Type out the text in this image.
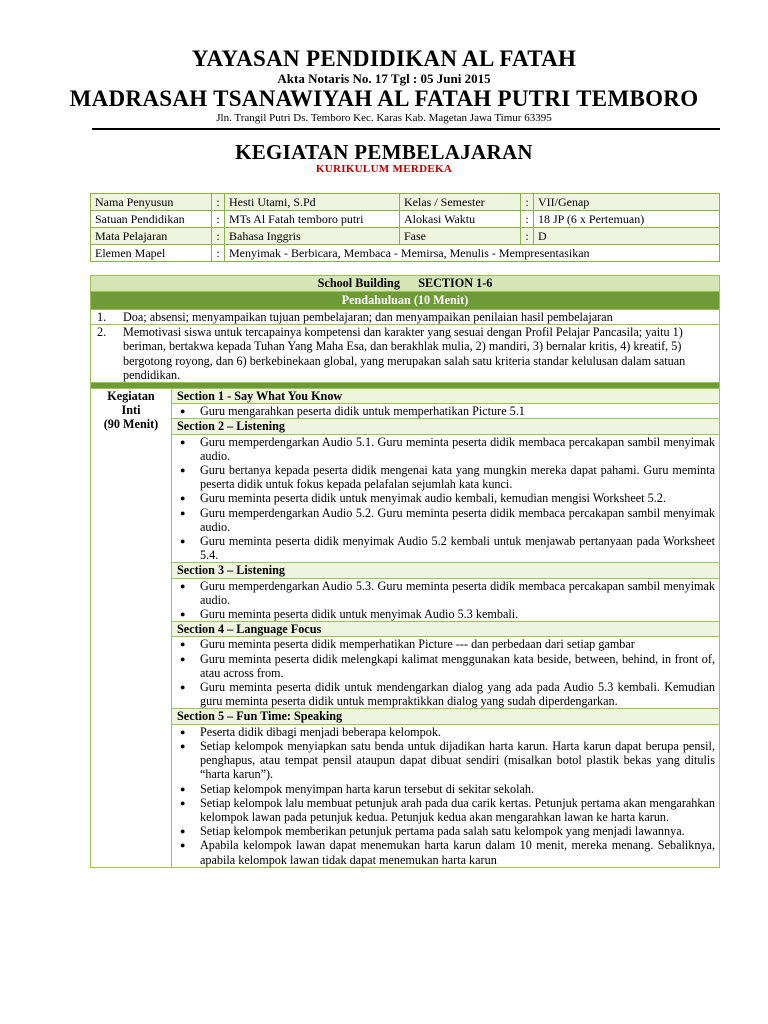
YAYASAN PENDIDIKAN AL FATAH
Akta Notaris No. 17 Tgl : 05 Juni 2015
MADRASAH TSANAWIYAH AL FATAH PUTRI TEMBORO
Jln. Trangil Putri Ds. Temboro Kec. Karas Kab. Magetan Jawa Timur 63395
KEGIATAN PEMBELAJARAN
KURIKULUM MERDEKA
Nama Penyusun	:	Hesti Utami, S.Pd	Kelas / Semester	:	VII/Genap
Satuan Pendidikan	:	MTs Al Fatah temboro putri	Alokasi Waktu	:	18 JP (6 x Pertemuan)
Mata Pelajaran	:	Bahasa Inggris	Fase	:	D
Elemen Mapel	:	Menyimak - Berbicara, Membaca - Memirsa, Menulis - Mempresentasikan			
School Building SECTION 1-6
Pendahuluan (10 Menit)

1.	Doa; absensi; menyampaikan tujuan pembelajaran; dan menyampaikan penilaian hasil pembelajaran

2.	Memotivasi siswa untuk tercapainya kompetensi dan karakter yang sesuai dengan Profil Pelajar Pancasila; yaitu 1) beriman, bertakwa kepada Tuhan Yang Maha Esa, dan berakhlak mulia, 2) mandiri, 3) bernalar kritis, 4) kreatif, 5) bergotong royong, dan 6) berkebinekaan global, yang merupakan salah satu kriteria standar kelulusan dalam satuan pendidikan.

Kegiatan
Inti
(90 Menit)
	Section 1 - Say What You Know

● Guru mengarahkan peserta didik untuk memperhatikan Picture 5.1

Section 2 – Listening

● Guru memperdengarkan Audio 5.1. Guru meminta peserta didik membaca percakapan sambil menyimak audio.
● Guru bertanya kepada peserta didik mengenai kata yang mungkin mereka dapat pahami. Guru meminta peserta didik untuk fokus kepada pelafalan sejumlah kata kunci.
● Guru meminta peserta didik untuk menyimak audio kembali, kemudian mengisi Worksheet 5.2.
● Guru memperdengarkan Audio 5.2. Guru meminta peserta didik membaca percakapan sambil menyimak audio.
● Guru meminta peserta didik menyimak Audio 5.2 kembali untuk menjawab pertanyaan pada Worksheet 5.4.

Section 3 – Listening

● Guru memperdengarkan Audio 5.3. Guru meminta peserta didik membaca percakapan sambil menyimak audio.
● Guru meminta peserta didik untuk menyimak Audio 5.3 kembali.

Section 4 – Language Focus

● Guru meminta peserta didik memperhatikan Picture --- dan perbedaan dari setiap gambar
● Guru meminta peserta didik melengkapi kalimat menggunakan kata beside, between, behind, in front of, atau across from.
● Guru meminta peserta didik untuk mendengarkan dialog yang ada pada Audio 5.3 kembali. Kemudian guru meminta peserta didik untuk mempraktikkan dialog yang sudah diperdengarkan.

Section 5 – Fun Time: Speaking

● Peserta didik dibagi menjadi beberapa kelompok.
● Setiap kelompok menyiapkan satu benda untuk dijadikan harta karun. Harta karun dapat berupa pensil, penghapus, atau tempat pensil ataupun dapat dibuat sendiri (misalkan botol plastik bekas yang ditulis “harta karun”).
● Setiap kelompok menyimpan harta karun tersebut di sekitar sekolah.
● Setiap kelompok lalu membuat petunjuk arah pada dua carik kertas. Petunjuk pertama akan mengarahkan kelompok lawan pada petunjuk kedua. Petunjuk kedua akan mengarahkan lawan ke harta karun.
● Setiap kelompok memberikan petunjuk pertama pada salah satu kelompok yang menjadi lawannya.
● Apabila kelompok lawan dapat menemukan harta karun dalam 10 menit, mereka menang. Sebaliknya, apabila kelompok lawan tidak dapat menemukan harta karun
